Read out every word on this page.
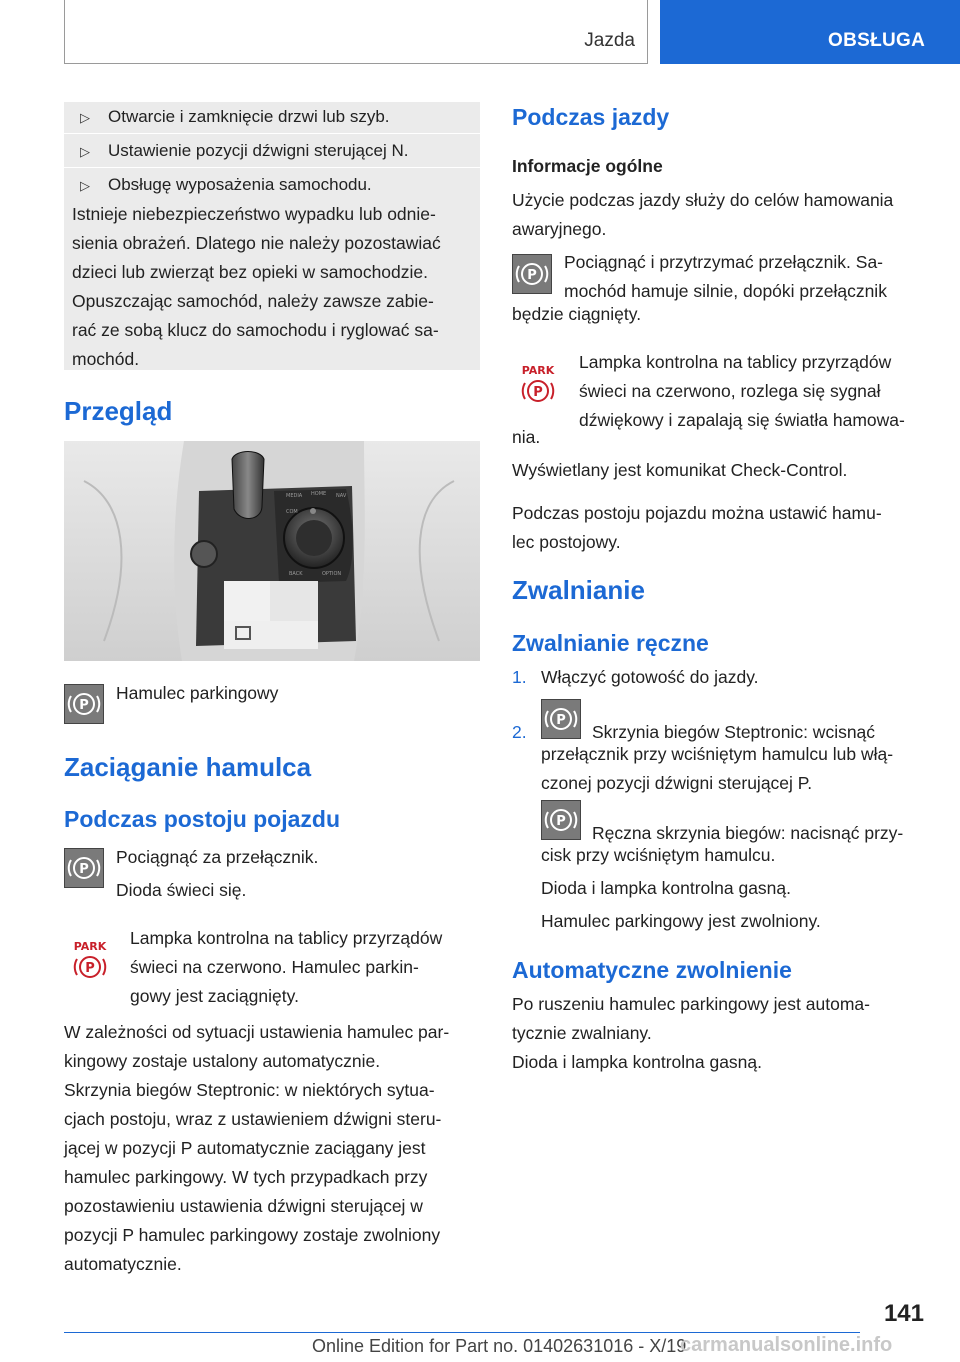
Jazda	OBSŁUGA
▷ Otwarcie i zamknięcie drzwi lub szyb.
▷ Ustawienie pozycji dźwigni sterującej N.
▷ Obsługę wyposażenia samochodu.
Istnieje niebezpieczeństwo wypadku lub odnie-
sienia obrażeń. Dlatego nie należy pozostawiać
dzieci lub zwierząt bez opieki w samochodzie.
Opuszczając samochód, należy zawsze zabie-
rać ze sobą klucz do samochodu i ryglować sa-
mochód.
Przegląd
MEDIA HOME NAV
COM
BACK	OPTION
P
Hamulec parkingowy
Zaciąganie hamulca
Podczas postoju pojazdu
P
Pociągnąć za przełącznik.
Dioda świeci się.
PARK
P
Lampka kontrolna na tablicy przyrządów
świeci na czerwono. Hamulec parkin-
gowy jest zaciągnięty.
W zależności od sytuacji ustawienia hamulec par-
kingowy zostaje ustalony automatycznie.
Skrzynia biegów Steptronic: w niektórych sytua-
cjach postoju, wraz z ustawieniem dźwigni steru-
jącej w pozycji P automatycznie zaciągany jest
hamulec parkingowy. W tych przypadkach przy
pozostawieniu ustawienia dźwigni sterującej w
pozycji P hamulec parkingowy zostaje zwolniony
automatycznie.
Podczas jazdy
Informacje ogólne
Użycie podczas jazdy służy do celów hamowania
awaryjnego.
P
Pociągnąć i przytrzymać przełącznik. Sa-
mochód hamuje silnie, dopóki przełącznik
będzie ciągnięty.
PARK
P
Lampka kontrolna na tablicy przyrządów
świeci na czerwono, rozlega się sygnał
dźwiękowy i zapalają się światła hamowa-
nia.
Wyświetlany jest komunikat Check-Control.
Podczas postoju pojazdu można ustawić hamu-
lec postojowy.
Zwalnianie
Zwalnianie ręczne
1. Włączyć gotowość do jazdy.
2.
P
Skrzynia biegów Steptronic: wcisnąć
przełącznik przy wciśniętym hamulcu lub włą-
czonej pozycji dźwigni sterującej P.
P
Ręczna skrzynia biegów: nacisnąć przy-
cisk przy wciśniętym hamulcu.
Dioda i lampka kontrolna gasną.
Hamulec parkingowy jest zwolniony.
Automatyczne zwolnienie
Po ruszeniu hamulec parkingowy jest automa-
tycznie zwalniany.
Dioda i lampka kontrolna gasną.
141
Online Edition for Part no. 01402631016 - X/19
carmanualsonline.info
